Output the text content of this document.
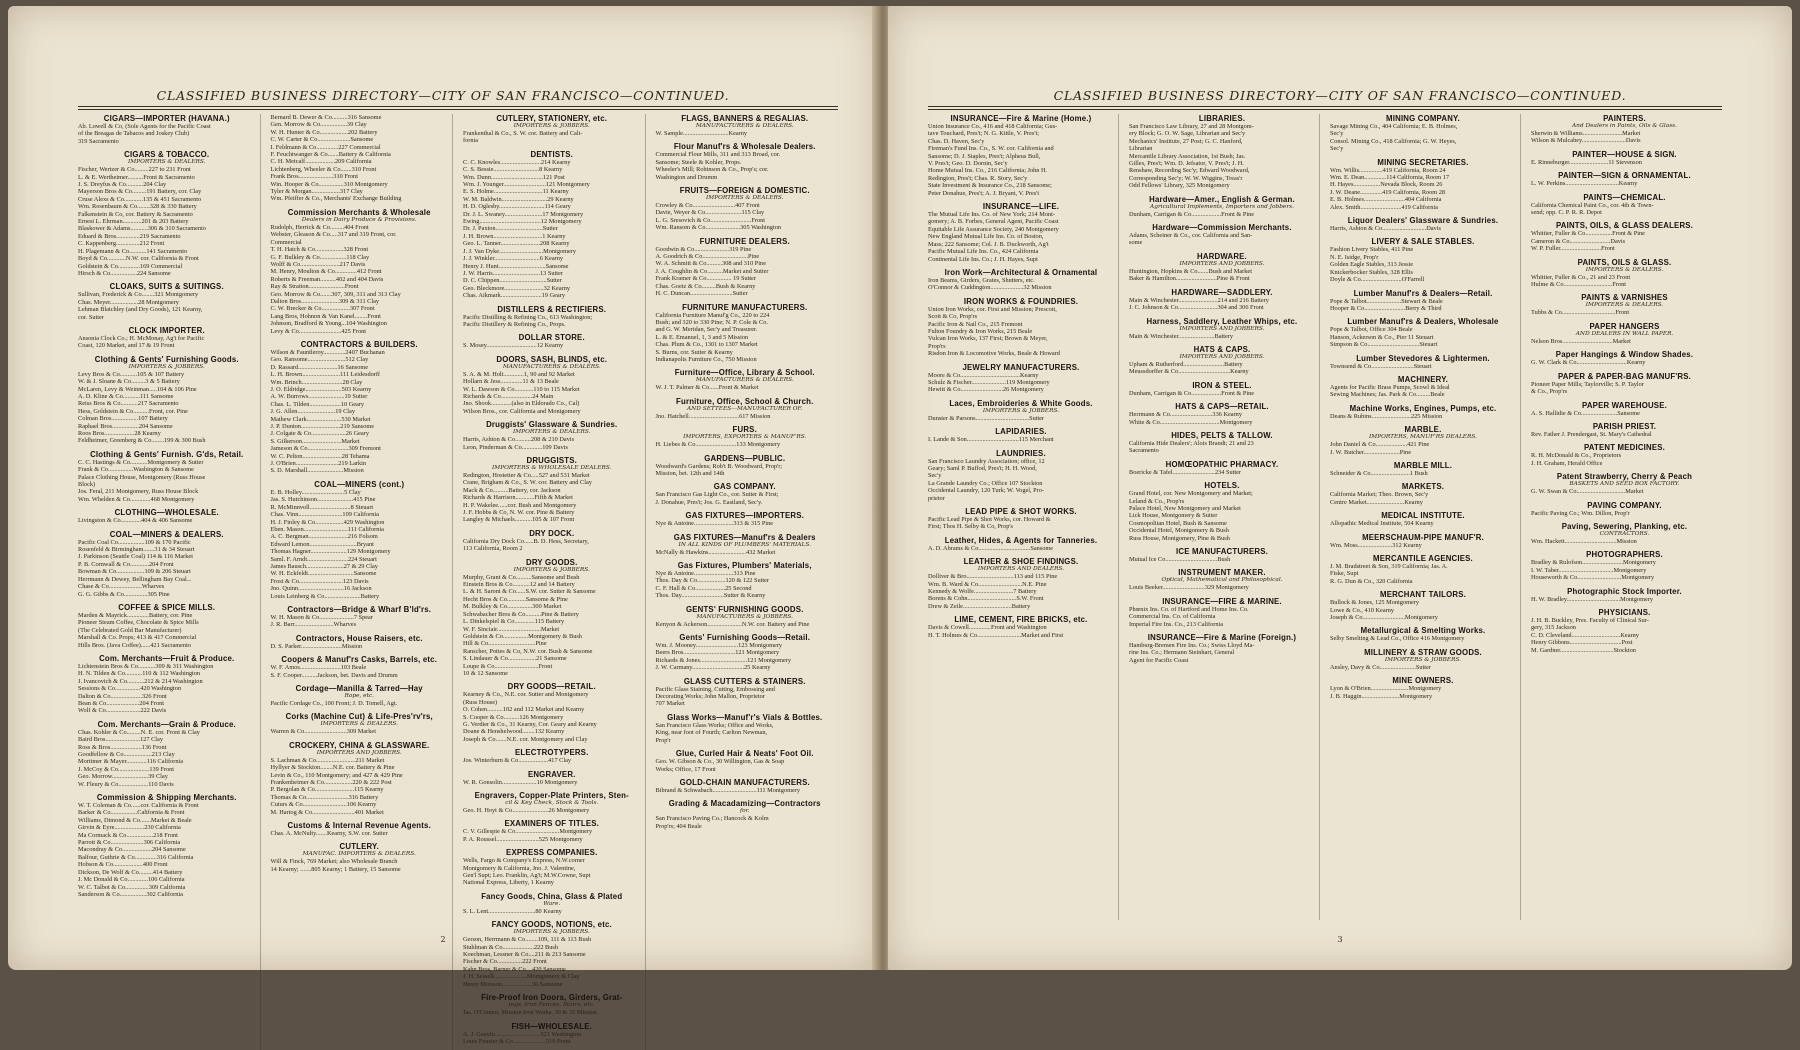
CLASSIFIED BUSINESS DIRECTORY—CITY OF SAN FRANCISCO—CONTINUED.
CIGARS—IMPORTER (HAVANA.)
Ab. Lowell & Co, (Sole Agents for the Pacific Coast
of the Breagas de Tabacos and Joskey Club)
319 Sacramento
CIGARS & TOBACCO.
IMPORTERS & DEALERS.
Fischer, Wertzer & Co.........227 to 231 Front
L. & E. Wertheimer..........Front & Sacramento
J. S. Dreyfus & Co...........204 Clay
Mayerson Bros & Co.........191 Battery, cor. Clay
Cruse Alexs & Co............135 & 451 Sacramento
Wm. Rosenbaum & Co........328 & 330 Battery
Falkenstein & Co, cor. Battery & Sacramento
Ernest L. Ehrman............201 & 203 Battery
Blaskower & Adams...........306 & 310 Sacramento
Eduard & Bros...............219 Sacramento
C. Kappenberg...............212 Front
H. Plagemann & Co...........141 Sacramento
Boyd & Co............N.W. cor. California & Front
Goldstein & Co..............169 Commercial
Hirsch & Co.................224 Sansome
CLOAKS, SUITS & SUITINGS.
Sullivan, Frederick & Co........321 Montgomery
Chas. Meyer..................28 Montgomery
Lehman Blatchley (and Dry Goods), 121 Kearny,
cor. Sutter
CLOCK IMPORTER.
Ansonia Clock Co.; H. McMonay, Ag't for Pacific
Coast, 120 Market, and 17 & 19 Front
Clothing & Gents' Furnishing Goods.
IMPORTERS & JOBBERS.
Levy Bros & Co...........105 & 107 Battery
W. & J. Sloane & Co.........3 & 5 Battery
McLaren, Levy & Weinman.....104 & 106 Pine
A. D. Kline & Co...........111 Sansome
Reiss Bros & Co...........217 Sacramento
Hess, Goldstein & Co..........Front, cor. Pine
Colman Bros.................107 Battery
Raphael Bros.................204 Sansome
Roos Bros...................28 Kearny
Feldheimer, Greenberg & Co........199 & 300 Bush
Clothing & Gents' Furnish. G'ds, Retail.
C. C. Hastings & Co...........Montgomery & Sutter
Frank & Co................Washington & Sansome
Palace Clothing House, Montgomery (Russ House
Block)
Jos. Feral, 211 Montgomery, Russ House Block
Wm. Whelden & Co.............468 Montgomery
CLOTHING—WHOLESALE.
Livingston & Co.............404 & 406 Sansome
COAL—MINERS & DEALERS.
Pacific Coal Co.................109 & 170 Pacific
Rosenfeld & Birmingham.......31 & 34 Steuart
J. Parkinson (Seattle Coal) 114 & 116 Market
P. B. Cornwall & Co............204 Front
Bowman & Co..................109 & 206 Steuart
Herrmann & Dewey, Bellingham Bay Coal...
Chase & Co.....................Wharves
G. G. Gibbs & Co...............305 Pine
COFFEE & SPICE MILLS.
Marden & Mayrick..............Battery, cor. Pine
Pioneer Steam Coffee, Chocolate & Spice Mills
(The Celebrated Gold Bar Manufacturer)
Marshall & Co. Props; 413 & 417 Commercial
Hills Bros. (Java Coffee)......421 Sacramento
Com. Merchants—Fruit & Produce.
Lichtenstein Bros & Co...........309 & 311 Washington
H. N. Tilden & Co...........110 & 112 Washington
J. Ivancovich & Co...........212 & 214 Washington
Sessions & Co................420 Washington
Dalton & Co....................326 Front
Bean & Co.....................204 Front
Wolf & Co......................222 Davis
Com. Merchants—Grain & Produce.
Chas. Kohler & Co.........N. E. cor. Front & Clay
Baird Bros......................127 Clay
Ross & Bros....................136 Front
Goodfellow & Co..................213 Clay
Mortimer & Mayer.............116 California
J. McCoy & Co....................139 Front
Geo. Morrow.......................39 Clay
W. Fleury & Co...................110 Davis
Commission & Shipping Merchants.
W. T. Coleman & Co......cor. California & Front
Barker & Co.................California & Front
Williams, Dimond & Co.......Market & Beale
Girvin & Eyre...................230 California
Ma Cormack & Co.................218 Front
Parrott & Co.....................306 California
Macondray & Co...................204 Sansome
Balfour, Guthrie & Co..............316 California
Hobson & Co...................400 Front
Dickson, De Wolf & Co.........414 Battery
J. Mc Donald & Co.............106 California
W. C. Talbot & Co...............309 California
Sanderson & Co.................302 California
Bernard B. Dewer & Co..........316 Sansome
Gen. Morrow & Co.................39 Clay
W. H. Hunter & Co..................202 Battery
C. W. Carter & Co.....................Sansome
I. Feldmann & Co..............227 Commercial
F. Feuchtwanger & Co.......Battery & California
C. H. Metcalf...................209 California
Lichtenberg, Wheeler & Co.......310 Front
Frank Bros......................310 Front
Win. Hooper & Co................310 Montgomery
Tyler & Morgan..................317 Clay
Wm. Pfeiffer & Co., Merchants' Exchange Building
Commission Merchants & Wholesale
Dealers in Dairy Produce & Provisions.
Rudolph, Herrick & Co.........404 Front
Webster, Gleason & Co.....317 and 319 Front, cor.
Commercial
T. H. Hatch & Co..................328 Front
G. F. Bulkley & Co.................118 Clay
Wolff & Co.........................217 Davis
M. Henry, Moulton & Co..............412 Front
Roberts & Freeman..........402 and 404 Davis
Ray & Stratton.......................Front
Geo. Morrow & Co.......307, 309, 311 and 313 Clay
Dalton Bros........................309 & 311 Clay
C. W. Brecker & Co..................307 Front
Lang Bros, Hohnon & Van Kanel........Front
Johnson, Bradford & Young...104 Washington
Levy & Co...........................425 Front
CONTRACTORS & BUILDERS.
Wilson & Fauntleroy..............2407 Buchanan
Geo. Ransome........................512 Clay
D. Rassard.........................16 Sansome
L. H. Brown........................111 Leidesdorff
Wm. Brinch..........................28 Clay
J. O. Eldridge.......................503 Kearny
A. W. Burrows.......................19 Sutter
Chas. L. Tilden....................10 Geary
J. G. Allen........................19 Clay
Mathew Clark......................530 Market
J. P. Dunton.........................219 Sansome
J. Colgate & Co......................26 Geary
S. Gilkerson.........................Market
Jameson & Co..........................309 Fremont
W. C. Pelton.........................28 Tehama
J. O'Brien...........................219 Larkin
S. D. Marshall.......................Mission
COAL—MINERS (cont.)
E. B. Holley...........................5 Clay
Jas. S. Hutchinson.......................415 Pine
R. McMinnvoll..........................8 Steuart
Chas. Vinn............................109 California
H. J. Finley & Co..................429 Washington
Eben. Mason............................111 California
A. C. Bergman.........................216 Folsom
Edward Lemon..............................Bryant
Thomas Hagner.......................129 Montgomery
Saml. F. Arndt..........................224 Steuart
James Bausch........................27 & 29 Clay
W. H. Eckfeldt.............................Sansome
Frost & Co............................123 Davis
Jno. Quinn.............................16 Jackson
Louis Leinberg & Co.......................Battery
Contractors—Bridge & Wharf B'ld'rs.
W. H. Mason & Co......................7 Spear
J. R. Barr.........................Wharves
Contractors, House Raisers, etc.
D. S. Parker..........................Mission
Coopers & Manuf'rs Casks, Barrels, etc.
W. F. Amos..........................103 Beale
S. F. Cooper..........Jackson, bet. Davis and Drumm
Cordage—Manilla & Tarred—Hay
Rope, etc.
Pacific Cordage Co., 100 Front; J. D. Tomell, Agt.
Corks (Machine Cut) & Life-Pres'rv'rs,
IMPORTERS & DEALERS.
Warren & Co...........................309 Market
CROCKERY, CHINA & GLASSWARE.
IMPORTERS AND JOBBERS.
S. Lachman & Co.........................211 Market
Hyllyer & Stockton........N.E. cor. Battery & Pine
Levin & Co., 110 Montgomery; and 427 & 429 Pine
Frankenheimer & Co..................220 & 222 Post
P. Bergolan & Co.........................115 Kearny
Thomas & Co...........................316 Battery
Cuturs & Co............................106 Kearny
M. Hartog & Co...........................401 Market
Customs & Internal Revenue Agents.
Chas. A. McNulty.......Kearny, S.W. cor. Sutter
CUTLERY.
MANUFAC. IMPORTERS & DEALERS.
Will & Finck, 769 Market; also Wholesale Branch
14 Kearny; .......805 Kearny; 1 Battery, 15 Sansome
CUTLERY, STATIONERY, etc.
IMPORTERS & JOBBERS.
Frankenthal & Co., S. W. cor. Battery and Cali-
fornia
DENTISTS.
C. C. Knowles..........................214 Kearny
C. S. Bessie.............................8 Kearny
Wm. Dunn.................................121 Post
Wm. J. Younger...........................121 Montgomery
E. S. Holme...............................11 Kearny
W. M. Baldwin.............................29 Kearny
H. D. Oglesby.............................114 Geary
Dr. J. L. Swaney........................17 Montgomery
Ewing.......................................12 Montgomery
Dr. J. Paxton..............................Sutter
J. H. Brown...............................1 Kearny
Geo. L. Tanner.........................208 Kearny
J. J. Van Dyke............................Montgomery
J. J. Winkler.............................6 Kearny
Henry J. Hunt..............................Sansome
J. W. Harris..............................13 Sutter
D. C. Chippen..............................Sutter
Geo. Bleckmore.........................32 Kearny
Chas. Aikmark..........................19 Geary
DISTILLERS & RECTIFIERS.
Pacific Distilling & Refining Co., 613 Washington;
Pacific Distillery & Refining Co., Props.
DOLLAR STORE.
S. Mosey................................12 Kearny
DOORS, SASH, BLINDS, etc.
MANUFACTURERS & DEALERS.
S. A. & M. Holt.............1, 90 and 92 Market
Hollarn & Jess..............11 & 13 Beale
W. L. Dawson & Co............110 to 115 Market
Richards & Co....................24 Main
Jno. Shook.............(also in Eldorado Co., Cal)
Wilson Bros., cor. California and Montgomery
Druggists' Glassware & Sundries.
IMPORTERS & DEALERS.
Harris, Ashton & Co..........208 & 210 Davis
Leon, Pinderman & Co.............109 Davis
DRUGGISTS.
IMPORTERS & WHOLESALE DEALERS.
Redington, Hostetter & Co.....527 and 531 Market
Crane, Brigham & Co., S. W. cor. Battery and Clay
Mack & Co..........Battery, cor. Jackson
Richards & Harrison............Fifth & Market
H. P. Wakelee......cor. Bush and Montgomery
J. F. Hobbs & Co, N. W. cor. Pine & Battery
Langley & Michaels...........105 & 107 Front
DRY DOCK.
California Dry Dock Co......B. D. Hess, Secretary,
113 California, Room 2
DRY GOODS.
IMPORTERS & JOBBERS.
Murphy, Grant & Co..........Sansome and Bush
Einstein Bros & Co...........12 and 14 Battery
L. & H. Saroni & Co......S.W. cor. Sutter & Sansome
Hecht Bros & Co............Sansome & Pine
M. Bulkley & Co................300 Market
Schwabacher Bros & Co..........Pine & Battery
L. Dinkelspiel & Co.............115 Battery
W. F. Sinciair............................Market
Goldstein & Co................Montgomery & Bush
Hill & Co..............................Pine
Ranscher, Pottes & Co, N.W. cor. Bush & Sansome
S. Lindauer & Co..................21 Sansome
Loupe & Co............................Front
10 & 12 Sansome
DRY GOODS—RETAIL.
Kearney & Co., N.E. cor. Sutter and Montgomery
(Russ House)
O. Cohen..........102 and 112 Market and Kearny
S. Cooper & Co..........126 Montgomery
G. Verdier & Co., 31 Kearny, Cor. Geary and Kearny
Doane & Henshelwood........132 Kearny
Joseph & Co.......N.E. cor. Montgomery and Clay
ELECTROTYPERS.
Jos. Winterburn & Co...................417 Clay
ENGRAVER.
W. R. Gonsolin......................10 Montgomery
Engravers, Copper-Plate Printers, Sten-
cil & Key Check, Stock & Tools.
Geo. H. Hoyt & Co.......................26 Montgomery
EXAMINERS OF TITLES.
C. V. Gillespie & Co............................Montgomery
P. A. Roussel...........................525 Montgomery
EXPRESS COMPANIES.
Wells, Fargo & Company's Express, N.W.corner
Montgomery & California, Jno. J. Valentine,
Gen'l Supt; Leo. Franklin, Ag't; M.W.Cowne, Supt
National Express, Liberty, 1 Kearny
Fancy Goods, China, Glass & Plated
Ware.
S. L. Lent..............................80 Kearny
FANCY GOODS, NOTIONS, etc.
IMPORTERS & JOBBERS.
Gerson, Herrmann & Co........109, 111 & 113 Bush
Stuhlman & Co....................222 Bush
Koechman, Lessner & Co....211 & 213 Sansome
Fischer & Co................222 Front
Kahn Bros, Barner & Co....420 Sansome
J. H. Sessell.....................Montgomery & Clay
Henry Moisson...................36 Sansome
Fire-Proof Iron Doors, Girders, Grat-
ings, Iron Fences, Stairs, etc.
Jas. O'Connor, Mission Iron Works, 30 & 32 Mission
FISH—WHOLESALE.
A. J. Gauvin.............................521 Washington
Louis Feusier & Co.....................519 Front
FLAGS, BANNERS & REGALIAS.
MANUFACTURERS & DEALERS.
W. Sample.............................Kearny
Flour Manuf'rs & Wholesale Dealers.
Commercial Flour Mills, 311 and 313 Broad, cor.
Sansome; Steele & Kohler, Props.
Wheeler's Mill; Robinson & Co., Prop's; cor.
Washington and Drumm
FRUITS—FOREIGN & DOMESTIC.
IMPORTERS & DEALERS.
Crowley & Co...........................407 Front
Davie, Weyer & Co.......................115 Clay
L. G. Sresovich & Co..........................Front
Wm. Ransom & Co......................305 Washington
FURNITURE DEALERS.
Goodwin & Co......................319 Pine
A. Goodrich & Co.............................Pine
W. A. Schmitt & Co..........308 and 310 Pine
J. A. Coughlin & Co..........Market and Sutter
Frank Kramer & Co................ 19 Sutter
Chas. Goetz & Co.........Bush & Kearny
H. C. Duncan...........................Sutter
FURNITURE MANUFACTURERS.
California Furniture Manuf'g Co., 220 to 224
Bush; and 320 to 330 Pine; N. P. Cole & Co.
and G. W. Meridan, Sec'y and Treasurer.
L. & E. Emanuel, 1, 3 and 5 Mission
Chas. Plum & Co., 1301 to 1307 Market
S. Burns, cor. Sutter & Kearny
Indianapolis Furniture Co., 750 Mission
Furniture—Office, Library & School.
MANUFACTURERS & DEALERS.
W. J. T. Palmer & Co......Front & Market
Furniture, Office, School & Church.
AND SETTEES—MANUFACTURER OF.
Jno. Hatchell................................617 Mission
FURS.
IMPORTERS, EXPORTERS & MANUF'RS.
H. Liebes & Co..........................133 Montgomery
GARDENS—PUBLIC.
Woodward's Gardens; Rob't B. Woodward, Prop'r;
Mission, bet. 12th and 14th
GAS COMPANY.
San Francisco Gas Light Co., cor. Sutter & First;
J. Donahue, Pres't; Jos. G. Eastland, Sec'y.
GAS FIXTURES—IMPORTERS.
Nye & Antoine.........................313 & 315 Pine
GAS FIXTURES—Manuf'rs & Dealers
IN ALL KINDS OF PLUMBERS' MATERIALS.
McNally & Hawkins........................432 Market
Gas Fixtures, Plumbers' Materials,
Nye & Antoine.........................313 Pine
Thos. Day & Co..................120 & 122 Sutter
C. F. Hall & Co...................25 Second
Thos. Day...........................Sutter & Kearny
GENTS' FURNISHING GOODS.
MANUFACTURERS & JOBBERS.
Kenyon & Ackerson......................N.W. cor. Battery and Pine
Gents' Furnishing Goods—Retail.
Wm. J. Mooney...........................123 Montgomery
Beers Bros.................................121 Montgomery
Richards & Jones..............................121 Montgomery
J. W. Carmany.................................25 Kearny
GLASS CUTTERS & STAINERS.
Pacific Glass Staining, Cutting, Embossing and
Decorating Works; John Mallon, Proprietor
707 Market
Glass Works—Manuf'r's Vials & Bottles.
San Francisco Glass Works; Office and Works,
King, near foot of Fourth; Carlton Newman,
Prop'r
Glue, Curled Hair & Neats' Foot Oil.
Geo. W. Gibson & Co., 30 Willington, Gas & Soap
Works; Office, 17 Front
GOLD-CHAIN MANUFACTURERS.
Bibrand & Schwabach............................111 Montgomery
Grading & Macadamizing—Contractors
for.
San Francisco Paving Co.; Hancock & Kolm
Prop'rs; 404 Beale
2
CLASSIFIED BUSINESS DIRECTORY—CITY OF SAN FRANCISCO—CONTINUED.
INSURANCE—Fire & Marine (Home.)
Union Insurance Co., 416 and 418 California; Gus-
tave Touchard, Pres't; N. G. Kittle, V. Pres't;
Chas. D. Haven, Sec'y
Fireman's Fund Ins. Co., S. W. cor. California and
Sansome; D. J. Staples, Pres't; Alpheus Bull,
V. Pres't; Geo. D. Dornin, Sec'y
Home Mutual Ins. Co., 216 California; John H.
Redington, Pres't; Chas. R. Story, Sec'y
State Investment & Insurance Co., 218 Sansome;
Peter Donahue, Pres't; A. J. Bryant, V. Pres't
INSURANCE—LIFE.
The Mutual Life Ins. Co. of New York; 214 Mont-
gomery; A. B. Forbes, General Agent, Pacific Coast
Equitable Life Assurance Society, 240 Montgomery
New England Mutual Life Ins. Co. of Boston,
Mass; 222 Sansome; Col. J. B. Duckworth, Ag't
Pacific Mutual Life Ins. Co., 424 California
Continental Life Ins. Co.; J. H. Hayes, Supt
Iron Work—Architectural & Ornamental
Iron Beams, Girders, Grates, Shutters, etc.
O'Connor & Cuddington.....................32 Mission
IRON WORKS & FOUNDRIES.
Union Iron Works, cor. First and Mission; Prescott,
Scott & Co, Prop'rs
Pacific Iron & Nail Co., 215 Fremont
Fulton Foundry & Iron Works, 215 Beale
Vulcan Iron Works, 137 First; Brown & Meyer,
Prop'rs
Risdon Iron & Locomotive Works, Beale & Howard
JEWELRY MANUFACTURERS.
Moore & Co......................................Kearny
Schulz & Fischer......................119 Montgomery
Hewitt & Co...........................26 Montgomery
Laces, Embroideries & White Goods.
IMPORTERS & JOBBERS.
Dunster & Parsons..................................Sutter
LAPIDARIES.
I. Lande & Son.................................115 Merchant
LAUNDRIES.
San Francisco Laundry Association; office, 12
Geary; Saml P. Buffod, Pres't; H. H. Wood,
Sec'y
La Grande Laundry Co.; Office 107 Stockton
Occidental Laundry, 120 Turk; W. Vogel, Pro-
prietor
LEAD PIPE & SHOT WORKS.
Pacific Lead Pipe & Shot Works, cor. Howard &
First; Thos H. Selby & Co, Prop's
Leather, Hides, & Agents for Tanneries.
A. D. Abrams & Co.................................Sansome
LEATHER & SHOE FINDINGS.
IMPORTERS AND DEALERS.
Dolliver & Bro..............................113 and 115 Pine
Wm. B. Ward & Co............................N.E. Pine
Kennedy & Wolfe.........................7 Battery
Borens & Cohn...............................S.W. Front
Drew & Zeile...............................Battery
LIME, CEMENT, FIRE BRICKS, etc.
Davis & Cowell..............Front and Washington
H. T. Holmes & Co............................Market and First
LIBRARIES.
San Francisco Law Library, 27 and 28 Montgom-
ery Block; G. O. W. Sage, Librarian and Sec'y
Mechanics' Institute, 27 Post; G. C. Hanford,
Librarian
Mercantile Library Association, 1st Bush; Jas.
Gilles, Pres't; Wm. D. Jefsator, V. Pres't; J. H.
Renshaw, Recording Sec'y; Edward Woodward,
Corresponding Sec'y; W. W. Wiggins, Treas'r
Odd Fellows' Library, 325 Montgomery
Hardware—Amer., English & German.
Agricultural Implements, Importers and Jobbers.
Dunham, Carrigan & Co...................Front & Pine
Hardware—Commission Merchants.
Adams, Scheiner & Co., cor. California and San-
some
HARDWARE.
IMPORTERS AND JOBBERS.
Huntington, Hopkins & Co.......Bush and Market
Baker & Hamilton..........................Pine & Front
HARDWARE—SADDLERY.
Main & Winchester.........................214 and 216 Battery
J. C. Johnson & Co.........................304 and 306 Front
Harness, Saddlery, Leather Whips, etc.
IMPORTERS AND JOBBERS.
Main & Winchester.......................Battery
HATS & CAPS.
IMPORTERS AND JOBBERS.
Upham & Rutherford..........................Battery
Meussdorffer & Co.................................Kearny
IRON & STEEL.
Dunham, Carrigan & Co...................Front & Pine
HATS & CAPS—RETAIL.
Herrmann & Co...........................336 Kearny
White & Co......................................Montgomery
HIDES, PELTS & TALLOW.
California Hide Dealers'; Alois Brandt; 21 and 23
Sacramento
HOMŒOPATHIC PHARMACY.
Boericke & Tafel...........................234 Sutter
HOTELS.
Grand Hotel, cor. New Montgomery and Market;
Leland & Co., Prop'rs
Palace Hotel, New Montgomery and Market
Lick House, Montgomery & Sutter
Cosmopolitan Hotel, Bush & Sansome
Occidental Hotel, Montgomery & Bush
Russ House, Montgomery, Pine & Bush
ICE MANUFACTURERS.
Mutual Ice Co.................................Bush
INSTRUMENT MAKER.
Optical, Mathematical and Philosophical.
Louis Beeker...........................329 Montgomery
INSURANCE—FIRE & MARINE.
Phœnix Ins. Co. of Hartford and Home Ins. Co.
Commercial Ins. Co. of California
Imperial Fire Ins. Co., 213 California
INSURANCE—Fire & Marine (Foreign.)
Hamburg-Bremen Fire Ins. Co.; Swiss Lloyd Ma-
rine Ins. Co.; Hermann Steinhart, General
Agent for Pacific Coast
MINING COMPANY.
Savage Mining Co., 404 California; E. B. Holmes,
Sec'y
Consol. Mining Co., 418 California; G. W. Heyes,
Sec'y
MINING SECRETARIES.
Wm. Willis...............419 California, Room 24
Wm. E. Dean..............114 California, Room 17
H. Hayes.................Nevada Block, Room 26
J. W. Deane..............419 California, Room 28
E. B. Holmes..........................404 California
Alex. Smith..........................419 California
Liquor Dealers' Glassware & Sundries.
Harris, Ashton & Co............................Davis
LIVERY & SALE STABLES.
Fashion Livery Stables, 411 Pine
N. E. Isidge, Prop'r
Golden Eagle Stables, 313 Jessie
Knickerbocker Stables, 328 Ellis
Doyle & Co..........................O'Farrell
Lumber Manuf'rs & Dealers—Retail.
Pope & Talbot......................Stewart & Beale
Hooper & Co..........................Berry & Third
Lumber Manuf'rs & Dealers, Wholesale
Pope & Talbot, Office 304 Beale
Hanson, Ackerson & Co., Pier 11 Steuart
Simpson & Co.................................Steuart
Lumber Stevedores & Lightermen.
Townsend & Co...........................Steuart
MACHINERY.
Agents for Pacific Brass Pumps, Scowl & Ideal
Sewing Machines; Jas. Park & Co.........Beale
Machine Works, Engines, Pumps, etc.
Deans & Rubins.........................225 Mission
MARBLE.
IMPORTERS, MANUF'RS DEALERS.
John Daniel & Co....................421 Pine
J. W. Butcher.......................Pine
MARBLE MILL.
Schneider & Co.........................1 Bush
MARKETS.
California Market; Theo. Brown, Sec'y
Centre Market........................Kearny
MEDICAL INSTITUTE.
Allopathic Medical Institute, 504 Kearny
MEERSCHAUM-PIPE MANUF'R.
Wm. Moss......................312 Kearny
MERCANTILE AGENCIES.
J. M. Bradstreet & Son, 319 California; Jas. A.
Fiske, Supt
R. G. Dun & Co., 320 California
MERCHANT TAILORS.
Bullock & Jones, 125 Montgomery
Lowe & Co., 410 Kearny
Joseph & Co...........................Montgomery
Metallurgical & Smelting Works.
Selby Smelting & Lead Co., Office 416 Montgomery
MILLINERY & STRAW GOODS.
IMPORTERS & JOBBERS.
Ansley, Davy & Co.......................Sutter
MINE OWNERS.
Lyon & O'Brien........................Montgomery
J. B. Haggin........................Montgomery
PAINTERS.
And Dealers in Paints, Oils & Glass.
Sherwin & Williams.........................Market
Wilson & Mulcahey............................Davis
PAINTER—HOUSE & SIGN.
E. Rinneburger.........................11 Stevenson
PAINTER—SIGN & ORNAMENTAL.
L. W. Perkins..................................Kearny
PAINTS—CHEMICAL.
California Chemical Paint Co., cor. 4th & Town-
send; opp. C. P. R. R. Depot
PAINTS, OILS, & GLASS DEALERS.
Whittier, Fuller & Co.................Front & Pine
Cameron & Co..........................Davis
W. P. Fuller..........................Front
PAINTS, OILS & GLASS.
IMPORTERS & DEALERS.
Whittier, Fuller & Co., 21 and 23 Front
Hulme & Co...............................Front
PAINTS & VARNISHES
IMPORTERS & DEALERS.
Tubbs & Co..................................Front
PAPER HANGERS
AND DEALERS IN WALL PAPER.
Nelson Bros................................Market
Paper Hangings & Window Shades.
G. W. Clark & Co................................Kearny
PAPER & PAPER-BAG MANUF'RS.
Pioneer Paper Mills; Taylorville; S. P. Taylor
& Co., Prop'rs
PAPER WAREHOUSE.
A. S. Hallidie & Co.......................Sansome
PARISH PRIEST.
Rev. Father J. Prendergast, St. Mary's Cathedral
PATENT MEDICINES.
R. H. McDonald & Co., Proprietors
J. H. Graham, Herald Office
Patent Strawberry, Cherry & Peach
BASKETS AND SEED BOX FACTORY.
G. W. Swan & Co...............................Market
PAVING COMPANY.
Pacific Paving Co.; Wm. Dillon, Prop'r
Paving, Sewering, Planking, etc.
CONTRACTORS.
Wm. Hackett.................................Mission
PHOTOGRAPHERS.
Bradley & Rulofson..........................Montgomery
I. W. Taber...................................Montgomery
Houseworth & Co............................Montgomery
Photographic Stock Importer.
H. W. Bradley..................................Montgomery
PHYSICIANS.
J. H. B. Buckley, Pres. Faculty of Clinical Sur-
gery, 315 Jackson
C. D. Cleveland...............................Kearny
Henry Gibbons.................................Post
M. Gardner..................................Stockton
3
